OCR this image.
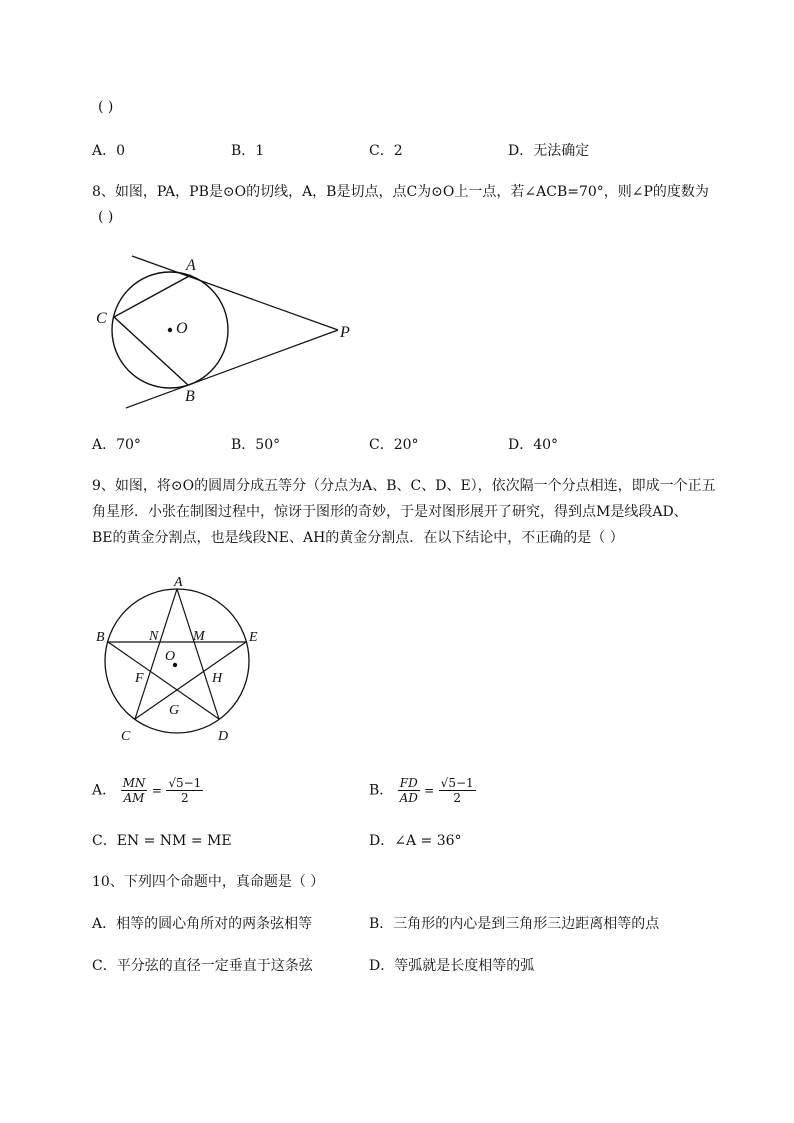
( )
A．0	B．1	C．2	D．无法确定
8、如图，PA，PB是⊙O的切线，A，B是切点，点C为⊙O上一点，若∠ACB=70°，则∠P的度数为
( )
A
B
C
O	P
A．70°	B．50°	C．20°	D．40°
9、如图，将⊙O的圆周分成五等分（分点为A、B、C、D、E），依次隔一个分点相连，即成一个正五
角星形．小张在制图过程中，惊讶于图形的奇妙，于是对图形展开了研究，得到点M是线段AD、
BE的黄金分割点，也是线段NE、AH的黄金分割点．在以下结论中，不正确的是（ ）
A
B	E
C	D
N M
O
F	H
G
A． $\frac{MN}{AM} = \frac{√5-1}{2}$	B． $\frac{FD}{AD} = \frac{√5-1}{2}$
C．EN = NM = ME	D．∠A = 36°
10、下列四个命题中，真命题是（ ）
A．相等的圆心角所对的两条弦相等	B．三角形的内心是到三角形三边距离相等的点
C．平分弦的直径一定垂直于这条弦	D．等弧就是长度相等的弧
